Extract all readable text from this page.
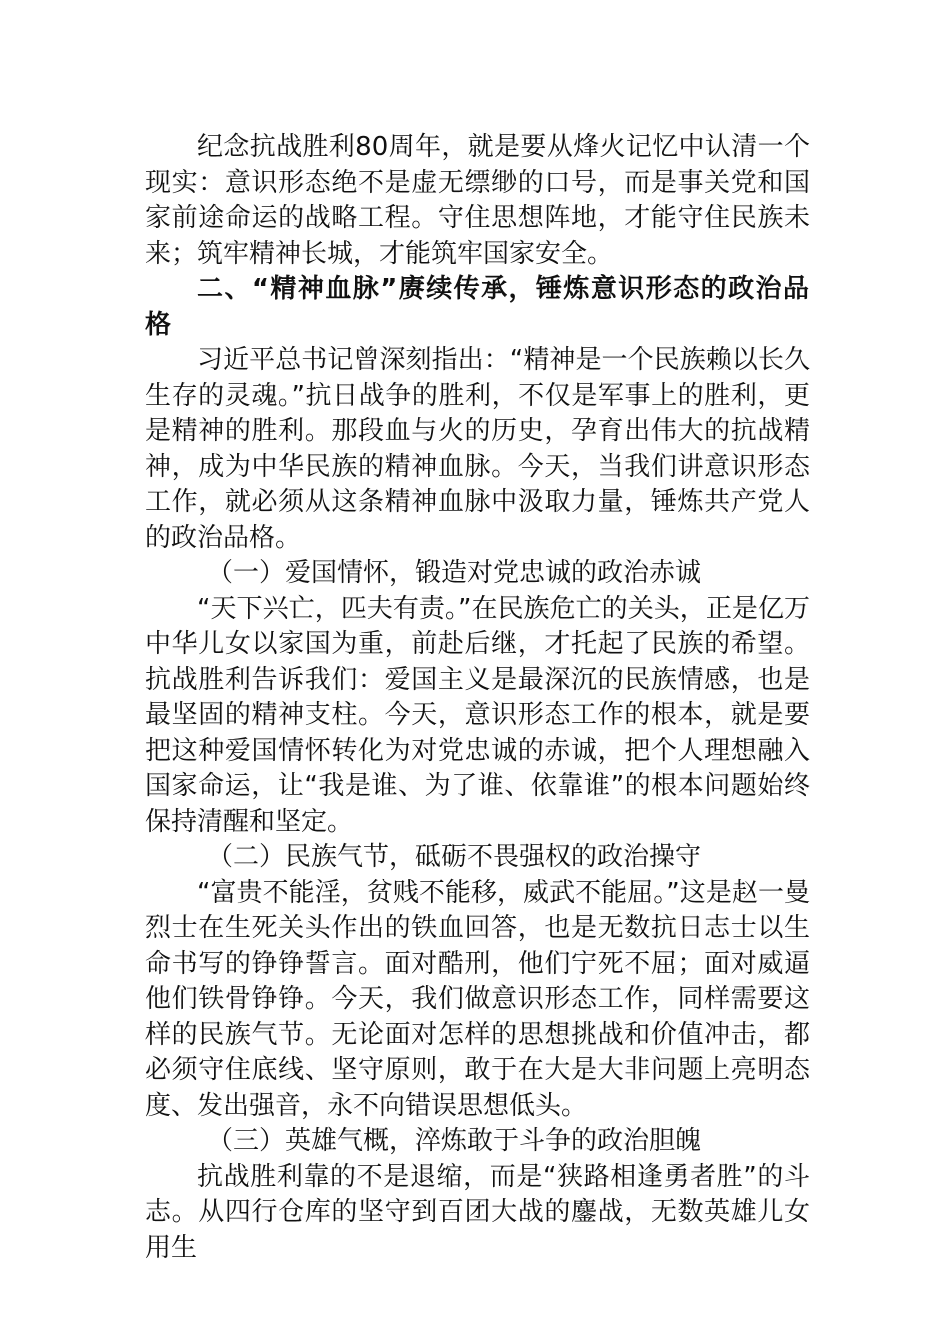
纪念抗战胜利80周年，就是要从烽火记忆中认清一个现实：意识形态绝不是虚无缥缈的口号，而是事关党和国家前途命运的战略工程。守住思想阵地，才能守住民族未来；筑牢精神长城，才能筑牢国家安全。

二、“精神血脉”赓续传承，锤炼意识形态的政治品格

习近平总书记曾深刻指出：“精神是一个民族赖以长久生存的灵魂。”抗日战争的胜利，不仅是军事上的胜利，更是精神的胜利。那段血与火的历史，孕育出伟大的抗战精神，成为中华民族的精神血脉。今天，当我们讲意识形态工作，就必须从这条精神血脉中汲取力量，锤炼共产党人的政治品格。

（一）爱国情怀，锻造对党忠诚的政治赤诚

“天下兴亡，匹夫有责。”在民族危亡的关头，正是亿万中华儿女以家国为重，前赴后继，才托起了民族的希望。抗战胜利告诉我们：爱国主义是最深沉的民族情感，也是最坚固的精神支柱。今天，意识形态工作的根本，就是要把这种爱国情怀转化为对党忠诚的赤诚，把个人理想融入国家命运，让“我是谁、为了谁、依靠谁”的根本问题始终保持清醒和坚定。

（二）民族气节，砥砺不畏强权的政治操守

“富贵不能淫，贫贱不能移，威武不能屈。”这是赵一曼烈士在生死关头作出的铁血回答，也是无数抗日志士以生命书写的铮铮誓言。面对酷刑，他们宁死不屈；面对威逼他们铁骨铮铮。今天，我们做意识形态工作，同样需要这样的民族气节。无论面对怎样的思想挑战和价值冲击，都必须守住底线、坚守原则，敢于在大是大非问题上亮明态度、发出强音，永不向错误思想低头。

（三）英雄气概，淬炼敢于斗争的政治胆魄

抗战胜利靠的不是退缩，而是“狭路相逢勇者胜”的斗志。从四行仓库的坚守到百团大战的鏖战，无数英雄儿女用生
